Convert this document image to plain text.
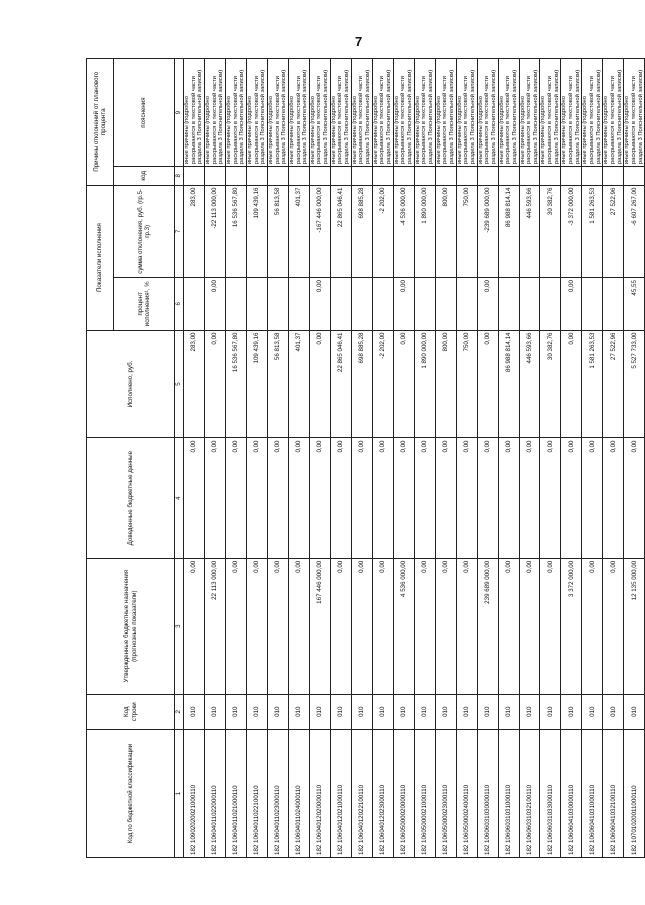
7
Код по бюджетной классификации	Код строки	Утвержденные бюджетные назначения (прогнозные показатели)	Доведенные бюджетные данные	Исполнено, руб.	Показатели исполнения		Причины отклонений от планового процента	
					процент исполнения¹, %	сумма отклонения, руб. (гр.5-гр.3)	код	пояснения
1	2	3	4	5	6	7	8	9
182 10902020021000110	010	0,00	0,00	283,00		283,00		иные причины (подробно раскрываются в текстовой части раздела 3 Пояснительной записки)
182 10604011022000110	010	22 113 000,00	0,00	0,00	0,00	-22 113 000,00		иные причины (подробно раскрываются в текстовой части раздела 3 Пояснительной записки)
182 10604011021000110	010	0,00	0,00	16 536 567,80		16 536 567,80		иные причины (подробно раскрываются в текстовой части раздела 3 Пояснительной записки)
182 10604011022100110	010	0,00	0,00	109 439,16		109 439,16		иные причины (подробно раскрываются в текстовой части раздела 3 Пояснительной записки)
182 10604011023000110	010	0,00	0,00	56 813,58		56 813,58		иные причины (подробно раскрываются в текстовой части раздела 3 Пояснительной записки)
182 10604011024000110	010	0,00	0,00	401,37		401,37		иные причины (подробно раскрываются в текстовой части раздела 3 Пояснительной записки)
182 10604012020000110	010	167 446 000,00	0,00	0,00	0,00	-167 446 000,00		иные причины (подробно раскрываются в текстовой части раздела 3 Пояснительной записки)
182 10604012021000110	010	0,00	0,00	22 865 046,41		22 865 046,41		иные причины (подробно раскрываются в текстовой части раздела 3 Пояснительной записки)
182 10604012022100110	010	0,00	0,00	698 885,28		698 885,28		иные причины (подробно раскрываются в текстовой части раздела 3 Пояснительной записки)
182 10604012023000110	010	0,00	0,00	-2 202,00		-2 202,00		иные причины (подробно раскрываются в текстовой части раздела 3 Пояснительной записки)
182 10605000020000110	010	4 536 000,00	0,00	0,00	0,00	-4 536 000,00		иные причины (подробно раскрываются в текстовой части раздела 3 Пояснительной записки)
182 10605000021000110	010	0,00	0,00	1 890 000,00		1 890 000,00		иные причины (подробно раскрываются в текстовой части раздела 3 Пояснительной записки)
182 10605000023000110	010	0,00	0,00	800,00		800,00		иные причины (подробно раскрываются в текстовой части раздела 3 Пояснительной записки)
182 10605000024000110	010	0,00	0,00	750,00		750,00		иные причины (подробно раскрываются в текстовой части раздела 3 Пояснительной записки)
182 10606031030000110	010	239 689 000,00	0,00	0,00	0,00	-239 689 000,00		иные причины (подробно раскрываются в текстовой части раздела 3 Пояснительной записки)
182 10606031031000110	010	0,00	0,00	86 988 814,14		86 988 814,14		иные причины (подробно раскрываются в текстовой части раздела 3 Пояснительной записки)
182 10606031032100110	010	0,00	0,00	446 593,66		446 593,66		иные причины (подробно раскрываются в текстовой части раздела 3 Пояснительной записки)
182 10606031033000110	010	0,00	0,00	30 382,76		30 382,76		иные причины (подробно раскрываются в текстовой части раздела 3 Пояснительной записки)
182 10606041030000110	010	3 372 000,00	0,00	0,00	0,00	-3 372 000,00		иные причины (подробно раскрываются в текстовой части раздела 3 Пояснительной записки)
182 10606041031000110	010	0,00	0,00	1 581 263,53		1 581 263,53		иные причины (подробно раскрываются в текстовой части раздела 3 Пояснительной записки)
182 10606041032100110	010	0,00	0,00	27 522,96		27 522,96		иные причины (подробно раскрываются в текстовой части раздела 3 Пояснительной записки)
182 10701020011000110	010	12 135 000,00	0,00	5 527 733,00	45,55	-6 607 267,00		иные причины (подробно раскрываются в текстовой части раздела 3 Пояснительной записки)
